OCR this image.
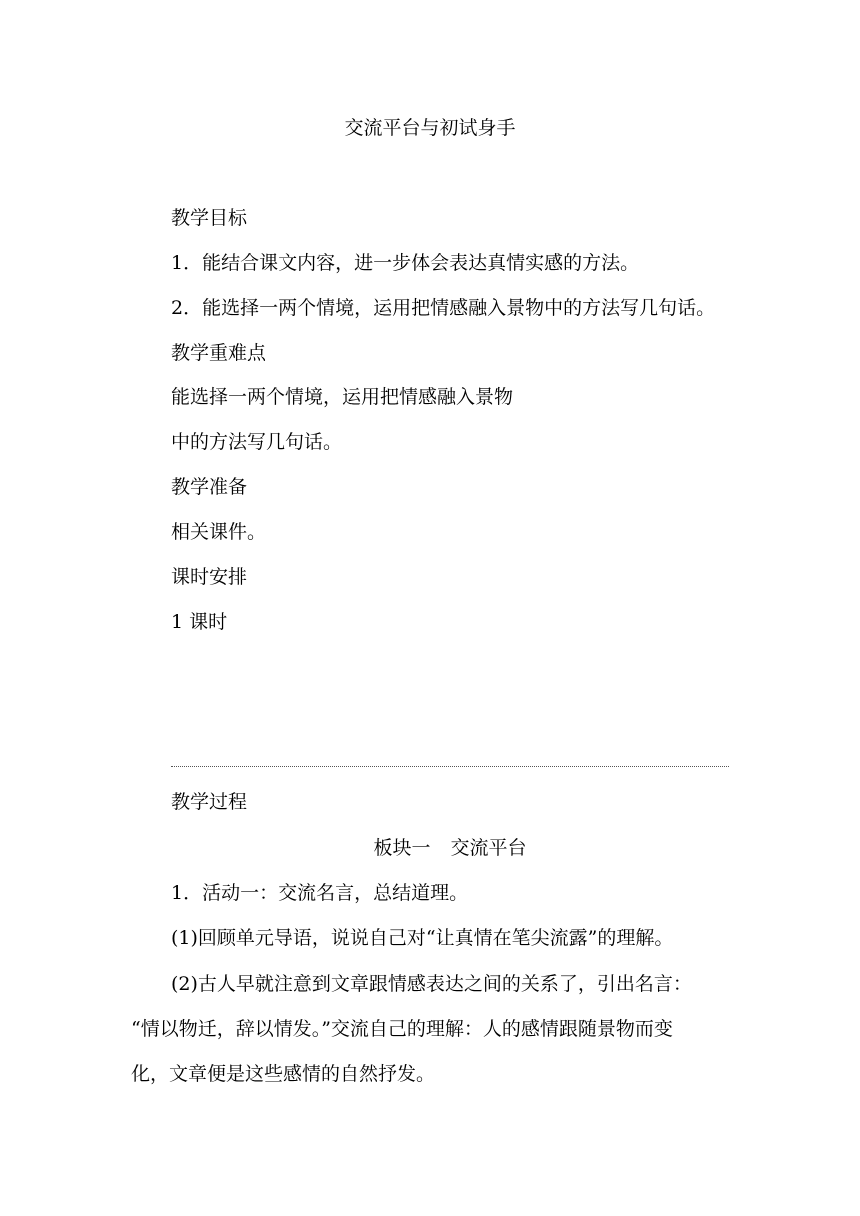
交流平台与初试身手

教学目标

1．能结合课文内容，进一步体会表达真情实感的方法。

2．能选择一两个情境，运用把情感融入景物中的方法写几句话。

教学重难点

能选择一两个情境，运用把情感融入景物

中的方法写几句话。

教学准备

相关课件。

课时安排

1 课时

教学过程

板块一 交流平台

1．活动一：交流名言，总结道理。

(1)回顾单元导语，说说自己对“让真情在笔尖流露”的理解。

(2)古人早就注意到文章跟情感表达之间的关系了，引出名言：

“情以物迁，辞以情发。”交流自己的理解：人的感情跟随景物而变

化，文章便是这些感情的自然抒发。
